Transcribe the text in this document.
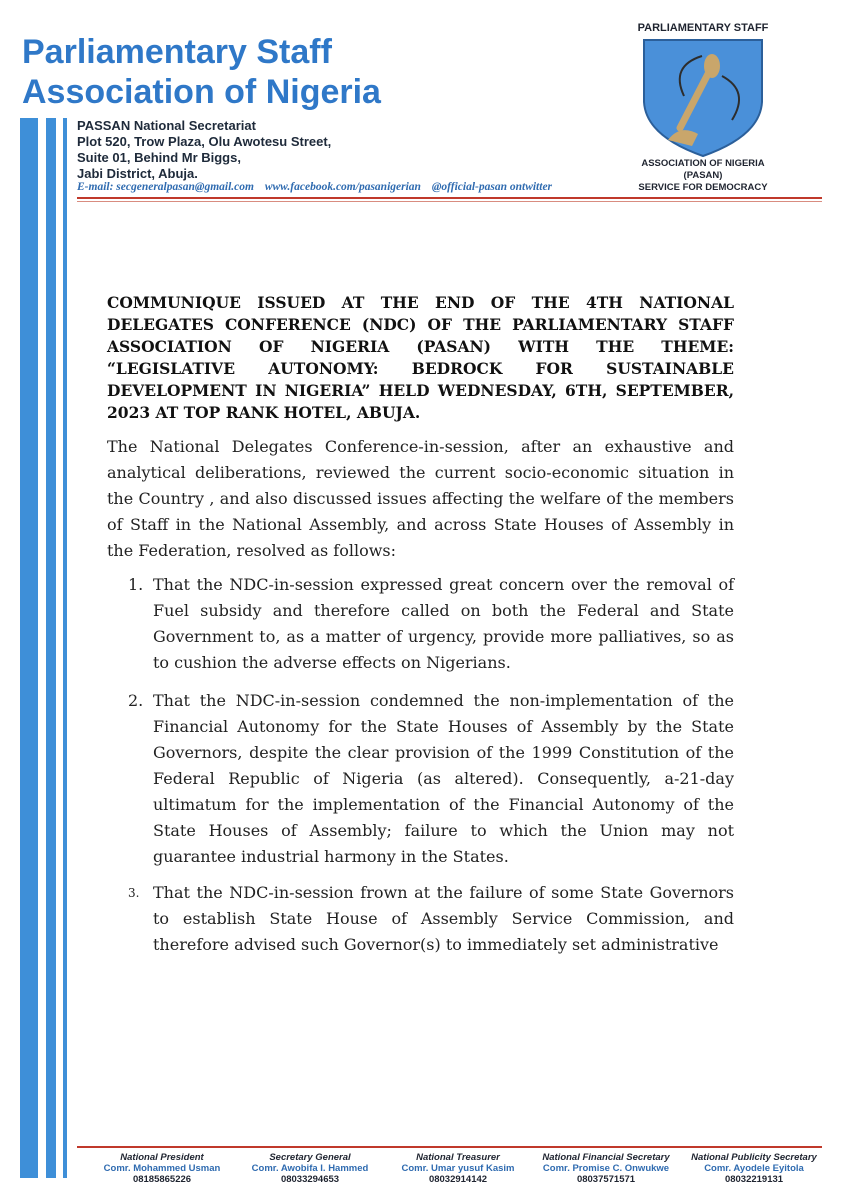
Parliamentary Staff
Association of Nigeria
PASSAN National Secretariat
Plot 520, Trow Plaza, Olu Awotesu Street,
Suite 01, Behind Mr Biggs,
Jabi District, Abuja.
E-mail: secgeneralpasan@gmail.com www.facebook.com/pasanigerian @official-pasan ontwitter
PARLIAMENTARY STAFF
ASSOCIATION OF NIGERIA
(PASAN)
SERVICE FOR DEMOCRACY

COMMUNIQUE ISSUED AT THE END OF THE 4TH NATIONAL DELEGATES CONFERENCE (NDC) OF THE PARLIAMENTARY STAFF ASSOCIATION OF NIGERIA (PASAN) WITH THE THEME: “LEGISLATIVE AUTONOMY: BEDROCK FOR SUSTAINABLE DEVELOPMENT IN NIGERIA” HELD WEDNESDAY, 6TH, SEPTEMBER, 2023 AT TOP RANK HOTEL, ABUJA.

The National Delegates Conference-in-session, after an exhaustive and analytical deliberations, reviewed the current socio-economic situation in the Country , and also discussed issues affecting the welfare of the members of Staff in the National Assembly, and across State Houses of Assembly in the Federation, resolved as follows:

1. That the NDC-in-session expressed great concern over the removal of Fuel subsidy and therefore called on both the Federal and State Government to, as a matter of urgency, provide more palliatives, so as to cushion the adverse effects on Nigerians.
2. That the NDC-in-session condemned the non-implementation of the Financial Autonomy for the State Houses of Assembly by the State Governors, despite the clear provision of the 1999 Constitution of the Federal Republic of Nigeria (as altered). Consequently, a-21-day ultimatum for the implementation of the Financial Autonomy of the State Houses of Assembly; failure to which the Union may not guarantee industrial harmony in the States.
3. That the NDC-in-session frown at the failure of some State Governors to establish State House of Assembly Service Commission, and therefore advised such Governor(s) to immediately set administrative
National President
Comr. Mohammed Usman
08185865226
Secretary General
Comr. Awobifa I. Hammed
08033294653
National Treasurer
Comr. Umar yusuf Kasim
08032914142
National Financial Secretary
Comr. Promise C. Onwukwe
08037571571
National Publicity Secretary
Comr. Ayodele Eyitola
08032219131
